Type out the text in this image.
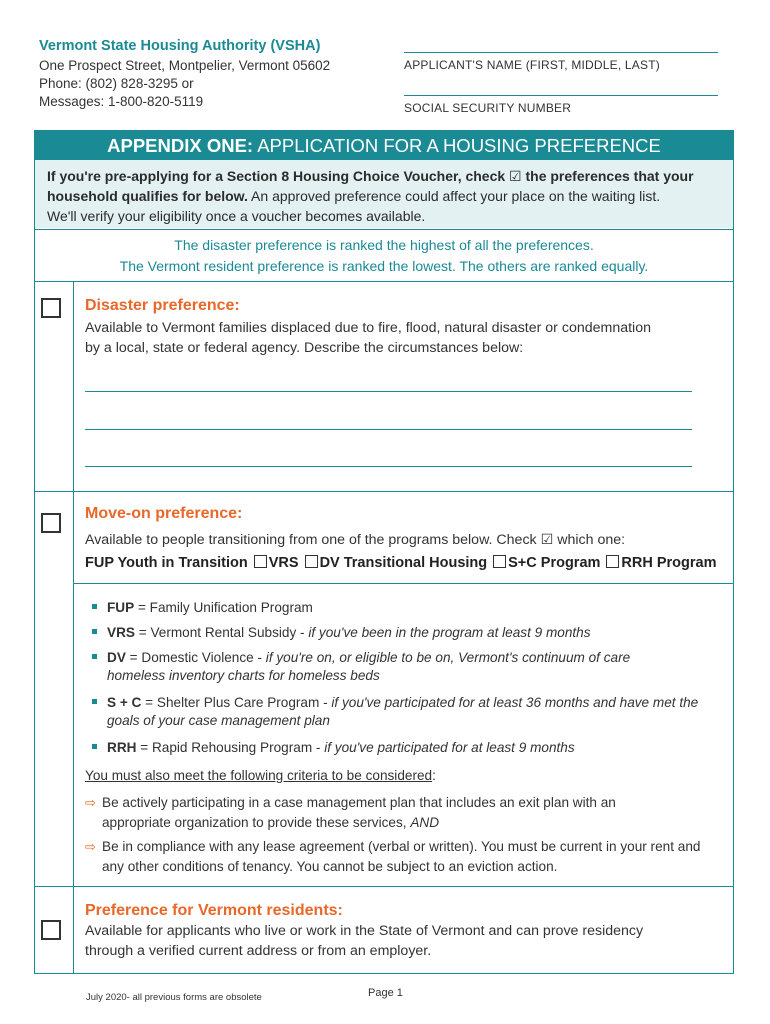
Vermont State Housing Authority (VSHA)
One Prospect Street, Montpelier, Vermont 05602
Phone: (802) 828-3295 or
Messages: 1-800-820-5119
APPLICANT'S NAME (FIRST, MIDDLE, LAST)
SOCIAL SECURITY NUMBER
APPENDIX ONE: APPLICATION FOR A HOUSING PREFERENCE
If you're pre-applying for a Section 8 Housing Choice Voucher, check ☑ the preferences that your
household qualifies for below. An approved preference could affect your place on the waiting list.
We'll verify your eligibility once a voucher becomes available.
The disaster preference is ranked the highest of all the preferences.
The Vermont resident preference is ranked the lowest. The others are ranked equally.
Disaster preference:
Available to Vermont families displaced due to fire, flood, natural disaster or condemnation
by a local, state or federal agency. Describe the circumstances below:
Move-on preference:
Available to people transitioning from one of the programs below. Check ☑ which one:
FUP Youth in Transition VRS DV Transitional Housing S+C Program RRH Program
FUP = Family Unification Program
VRS = Vermont Rental Subsidy - if you've been in the program at least 9 months
DV = Domestic Violence - if you're on, or eligible to be on, Vermont's continuum of care homeless inventory charts for homeless beds
S + C = Shelter Plus Care Program - if you've participated for at least 36 months and have met the goals of your case management plan
RRH = Rapid Rehousing Program - if you've participated for at least 9 months
You must also meet the following criteria to be considered:
⇨ Be actively participating in a case management plan that includes an exit plan with an appropriate organization to provide these services, AND
⇨ Be in compliance with any lease agreement (verbal or written). You must be current in your rent and any other conditions of tenancy. You cannot be subject to an eviction action.
Preference for Vermont residents:
Available for applicants who live or work in the State of Vermont and can prove residency
through a verified current address or from an employer.
July 2020- all previous forms are obsolete	Page 1
